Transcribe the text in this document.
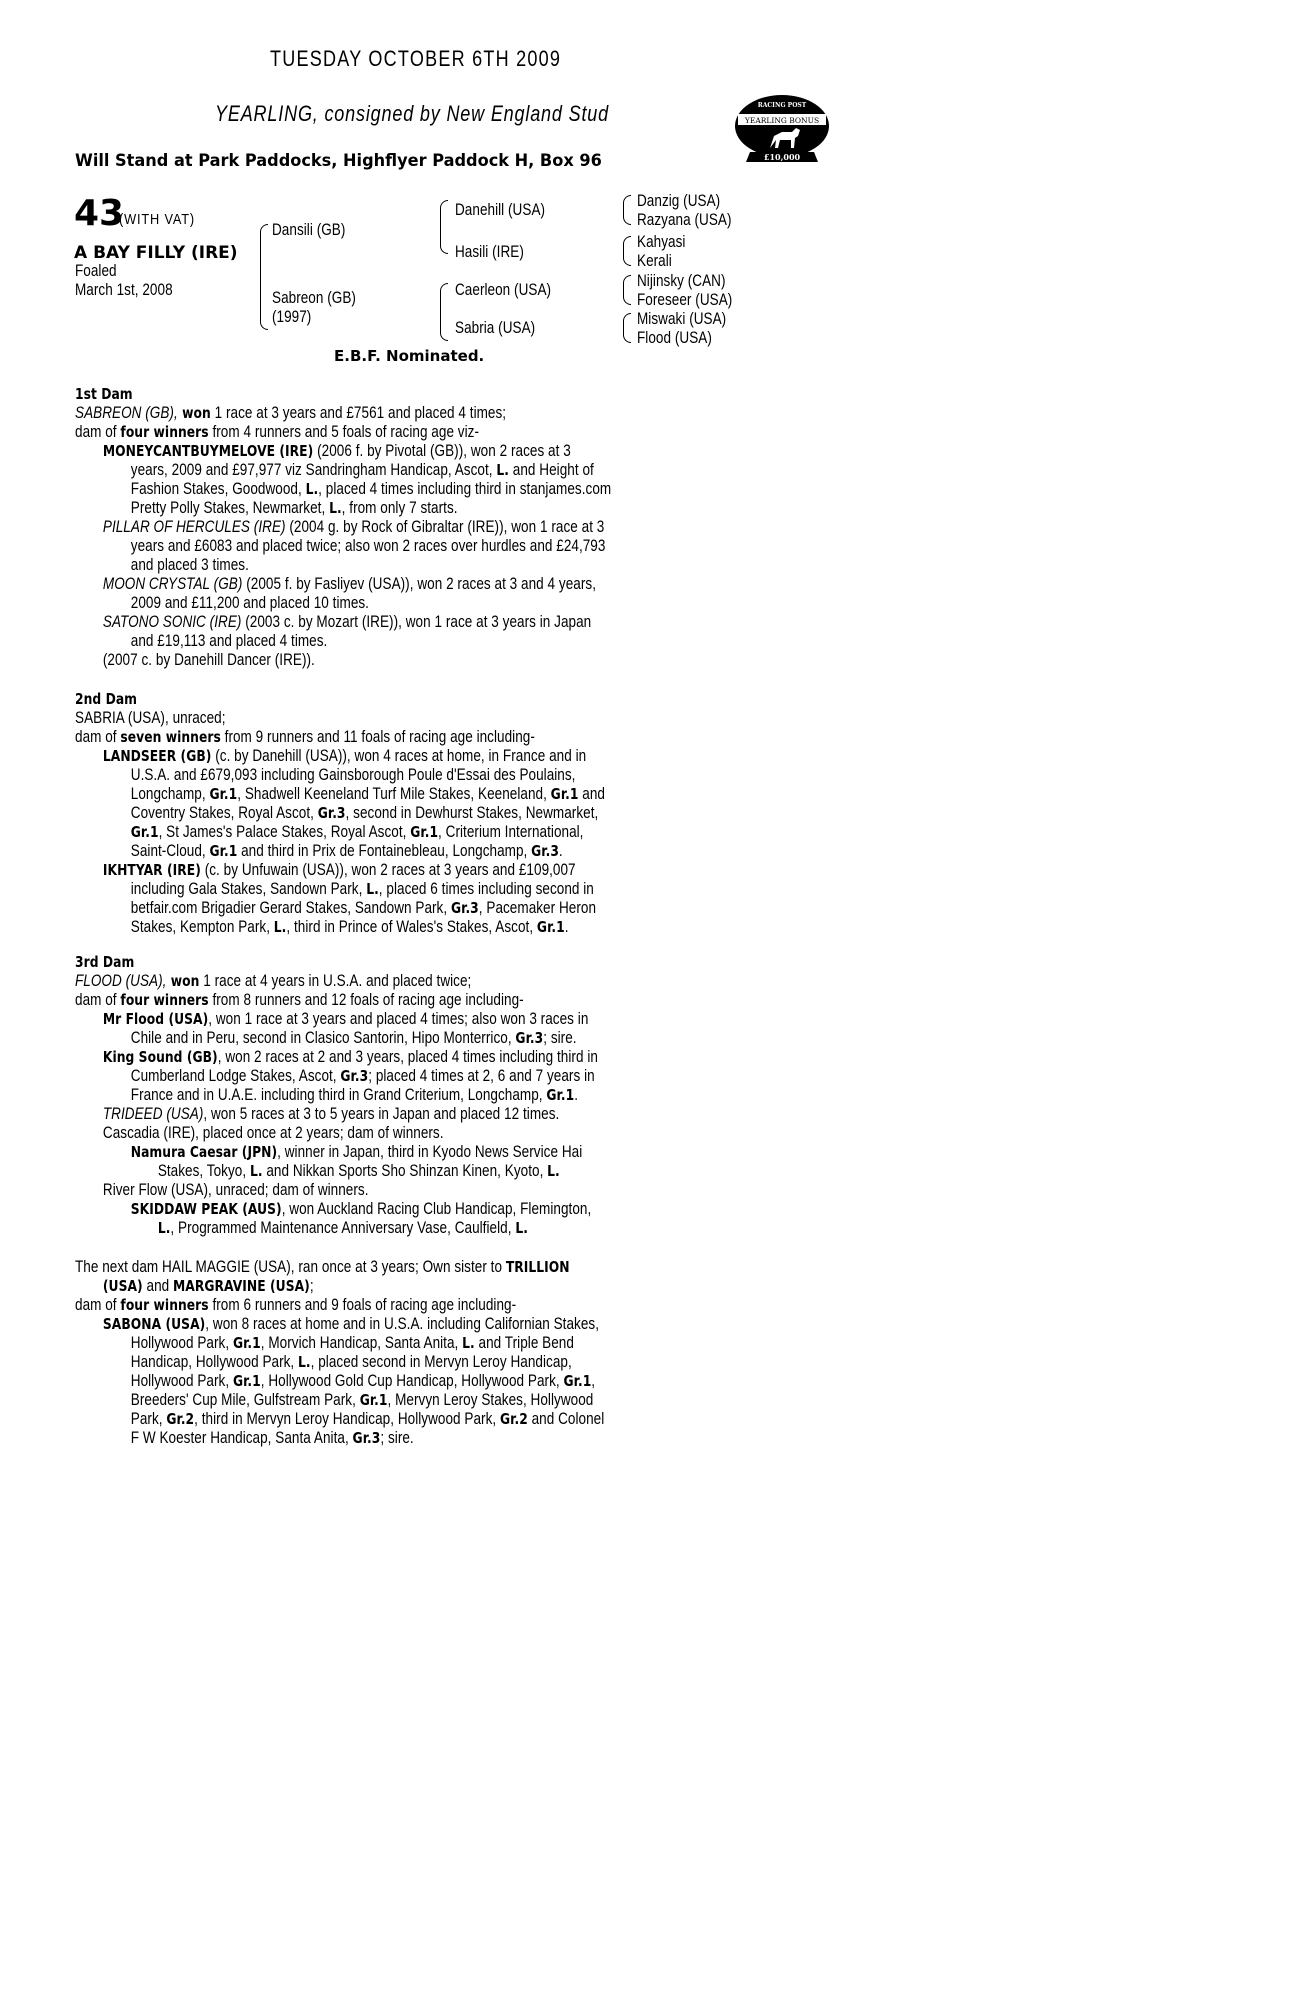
TUESDAY OCTOBER 6TH 2009
YEARLING, consigned by New England Stud
Will Stand at Park Paddocks, Highflyer Paddock H, Box 96
RACING POST
YEARLING BONUS
£10,000
43
(WITH VAT)
A BAY FILLY (IRE)
Foaled
March 1st, 2008
Dansili (GB)
Sabreon (GB)
(1997)
Danehill (USA)
Hasili (IRE)
Caerleon (USA)
Sabria (USA)
Danzig (USA)
Razyana (USA)
Kahyasi
Kerali
Nijinsky (CAN)
Foreseer (USA)
Miswaki (USA)
Flood (USA)
E.B.F. Nominated.
1st Dam
SABREON (GB), won 1 race at 3 years and £7561 and placed 4 times;
dam of four winners from 4 runners and 5 foals of racing age viz-
MONEYCANTBUYMELOVE (IRE) (2006 f. by Pivotal (GB)), won 2 races at 3
years, 2009 and £97,977 viz Sandringham Handicap, Ascot, L. and Height of
Fashion Stakes, Goodwood, L., placed 4 times including third in stanjames.com
Pretty Polly Stakes, Newmarket, L., from only 7 starts.
PILLAR OF HERCULES (IRE) (2004 g. by Rock of Gibraltar (IRE)), won 1 race at 3
years and £6083 and placed twice; also won 2 races over hurdles and £24,793
and placed 3 times.
MOON CRYSTAL (GB) (2005 f. by Fasliyev (USA)), won 2 races at 3 and 4 years,
2009 and £11,200 and placed 10 times.
SATONO SONIC (IRE) (2003 c. by Mozart (IRE)), won 1 race at 3 years in Japan
and £19,113 and placed 4 times.
(2007 c. by Danehill Dancer (IRE)).
2nd Dam
SABRIA (USA), unraced;
dam of seven winners from 9 runners and 11 foals of racing age including-
LANDSEER (GB) (c. by Danehill (USA)), won 4 races at home, in France and in
U.S.A. and £679,093 including Gainsborough Poule d'Essai des Poulains,
Longchamp, Gr.1, Shadwell Keeneland Turf Mile Stakes, Keeneland, Gr.1 and
Coventry Stakes, Royal Ascot, Gr.3, second in Dewhurst Stakes, Newmarket,
Gr.1, St James's Palace Stakes, Royal Ascot, Gr.1, Criterium International,
Saint-Cloud, Gr.1 and third in Prix de Fontainebleau, Longchamp, Gr.3.
IKHTYAR (IRE) (c. by Unfuwain (USA)), won 2 races at 3 years and £109,007
including Gala Stakes, Sandown Park, L., placed 6 times including second in
betfair.com Brigadier Gerard Stakes, Sandown Park, Gr.3, Pacemaker Heron
Stakes, Kempton Park, L., third in Prince of Wales's Stakes, Ascot, Gr.1.
3rd Dam
FLOOD (USA), won 1 race at 4 years in U.S.A. and placed twice;
dam of four winners from 8 runners and 12 foals of racing age including-
Mr Flood (USA), won 1 race at 3 years and placed 4 times; also won 3 races in
Chile and in Peru, second in Clasico Santorin, Hipo Monterrico, Gr.3; sire.
King Sound (GB), won 2 races at 2 and 3 years, placed 4 times including third in
Cumberland Lodge Stakes, Ascot, Gr.3; placed 4 times at 2, 6 and 7 years in
France and in U.A.E. including third in Grand Criterium, Longchamp, Gr.1.
TRIDEED (USA), won 5 races at 3 to 5 years in Japan and placed 12 times.
Cascadia (IRE), placed once at 2 years; dam of winners.
Namura Caesar (JPN), winner in Japan, third in Kyodo News Service Hai
Stakes, Tokyo, L. and Nikkan Sports Sho Shinzan Kinen, Kyoto, L.
River Flow (USA), unraced; dam of winners.
SKIDDAW PEAK (AUS), won Auckland Racing Club Handicap, Flemington,
L., Programmed Maintenance Anniversary Vase, Caulfield, L.
The next dam HAIL MAGGIE (USA), ran once at 3 years; Own sister to TRILLION
(USA) and MARGRAVINE (USA);
dam of four winners from 6 runners and 9 foals of racing age including-
SABONA (USA), won 8 races at home and in U.S.A. including Californian Stakes,
Hollywood Park, Gr.1, Morvich Handicap, Santa Anita, L. and Triple Bend
Handicap, Hollywood Park, L., placed second in Mervyn Leroy Handicap,
Hollywood Park, Gr.1, Hollywood Gold Cup Handicap, Hollywood Park, Gr.1,
Breeders' Cup Mile, Gulfstream Park, Gr.1, Mervyn Leroy Stakes, Hollywood
Park, Gr.2, third in Mervyn Leroy Handicap, Hollywood Park, Gr.2 and Colonel
F W Koester Handicap, Santa Anita, Gr.3; sire.
